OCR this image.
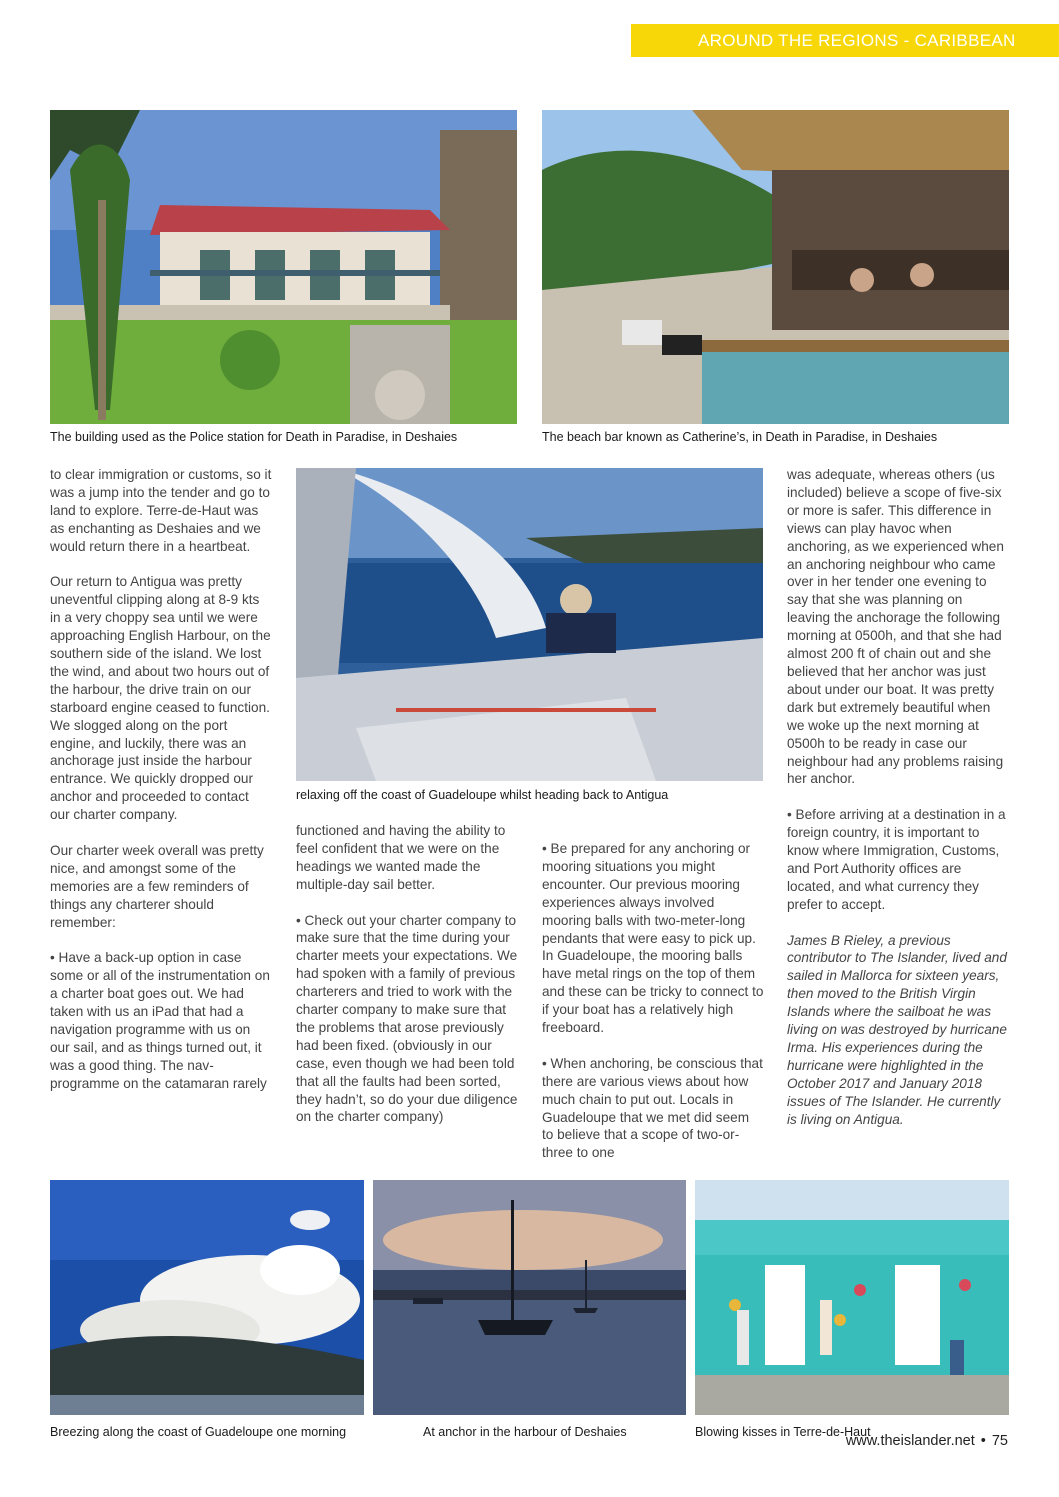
AROUND THE REGIONS - CARIBBEAN
The building used as the Police station for Death in Paradise, in Deshaies	The beach bar known as Catherine’s, in Death in Paradise, in Deshaies

to clear immigration or customs, so it was a jump into the tender and go to land to explore. Terre-de-Haut was as enchanting as Deshaies and we would return there in a heartbeat.

Our return to Antigua was pretty uneventful clipping along at 8-9 kts in a very choppy sea until we were approaching English Harbour, on the southern side of the island. We lost the wind, and about two hours out of the harbour, the drive train on our starboard engine ceased to function. We slogged along on the port engine, and luckily, there was an anchorage just inside the harbour entrance. We quickly dropped our anchor and proceeded to contact our charter company.

Our charter week overall was pretty nice, and amongst some of the memories are a few reminders of things any charterer should remember:

• Have a back-up option in case some or all of the instrumentation on a charter boat goes out. We had taken with us an iPad that had a navigation programme with us on our sail, and as things turned out, it was a good thing. The nav-programme on the catamaran rarely

relaxing off the coast of Guadeloupe whilst heading back to Antigua

functioned and having the ability to feel confident that we were on the headings we wanted made the multiple-day sail better.

• Check out your charter company to make sure that the time during your charter meets your expectations. We had spoken with a family of previous charterers and tried to work with the charter company to make sure that the problems that arose previously had been fixed. (obviously in our case, even though we had been told that all the faults had been sorted, they hadn’t, so do your due diligence on the charter company)

• Be prepared for any anchoring or mooring situations you might encounter. Our previous mooring experiences always involved mooring balls with two-meter-long pendants that were easy to pick up. In Guadeloupe, the mooring balls have metal rings on the top of them and these can be tricky to connect to if your boat has a relatively high freeboard.

• When anchoring, be conscious that there are various views about how much chain to put out. Locals in Guadeloupe that we met did seem to believe that a scope of two-or-three to one

was adequate, whereas others (us included) believe a scope of five-six or more is safer. This difference in views can play havoc when anchoring, as we experienced when an anchoring neighbour who came over in her tender one evening to say that she was planning on leaving the anchorage the following morning at 0500h, and that she had almost 200 ft of chain out and she believed that her anchor was just about under our boat. It was pretty dark but extremely beautiful when we woke up the next morning at 0500h to be ready in case our neighbour had any problems raising her anchor.

• Before arriving at a destination in a foreign country, it is important to know where Immigration, Customs, and Port Authority offices are located, and what currency they prefer to accept.

James B Rieley, a previous contributor to The Islander, lived and sailed in Mallorca for sixteen years, then moved to the British Virgin Islands where the sailboat he was living on was destroyed by hurricane Irma. His experiences during the hurricane were highlighted in the October 2017 and January 2018 issues of The Islander. He currently is living on Antigua.

Breezing along the coast of Guadeloupe one morning	At anchor in the harbour of Deshaies	Blowing kisses in Terre-de-Haut
www.theislander.net • 75
